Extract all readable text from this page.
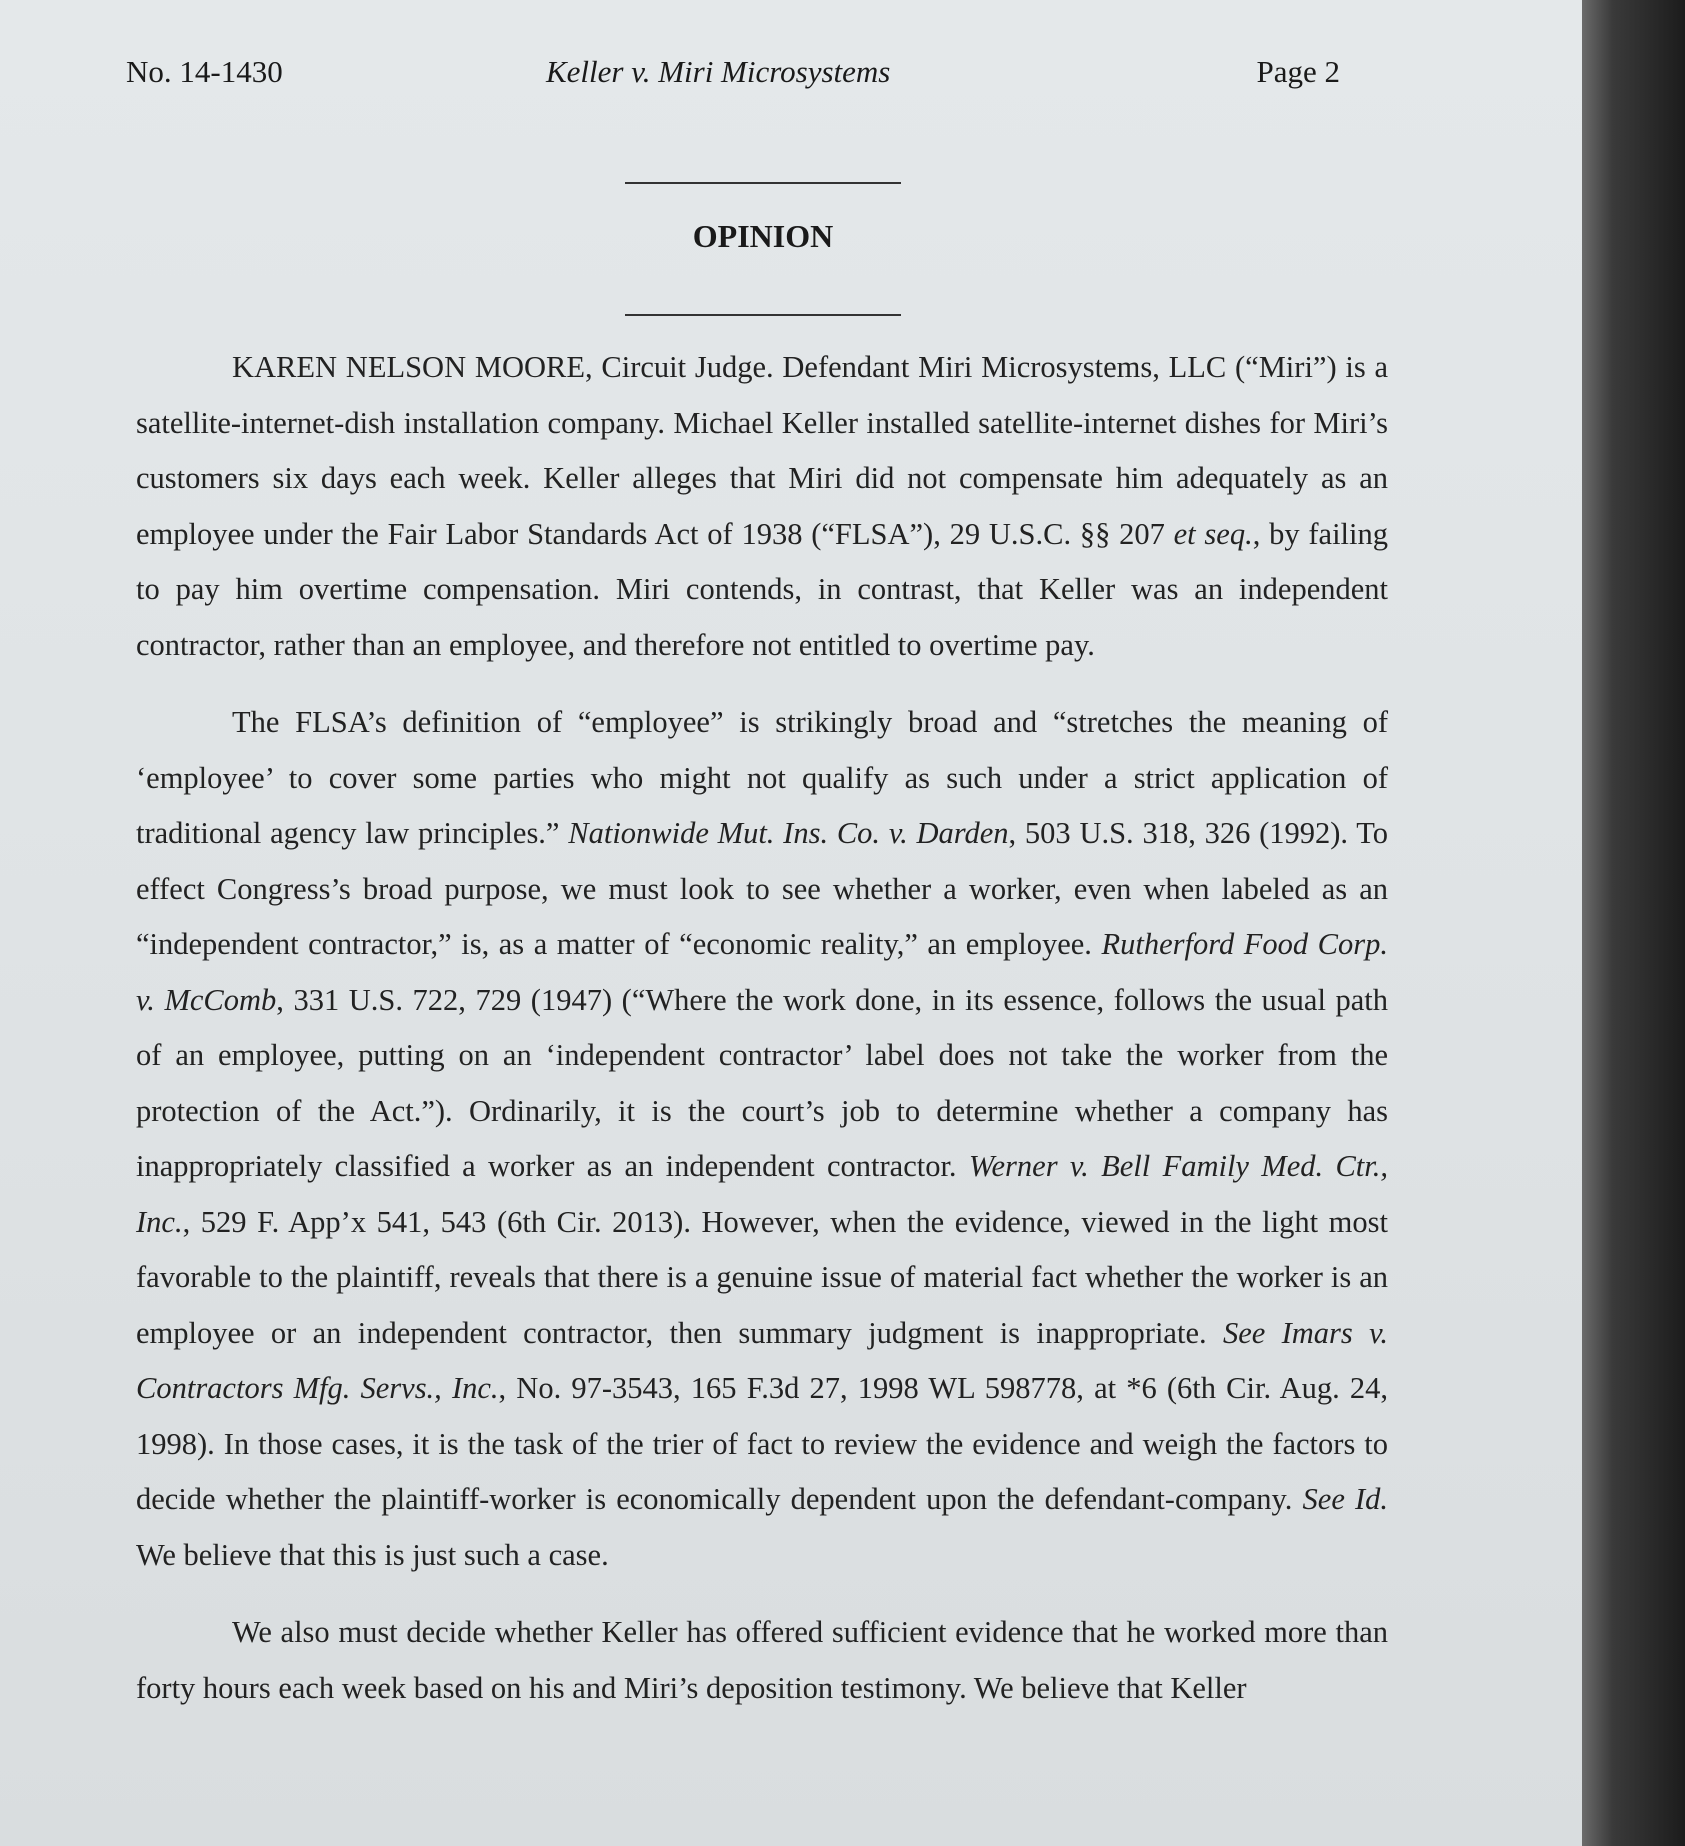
No. 14-1430	Keller v. Miri Microsystems	Page 2
OPINION

KAREN NELSON MOORE, Circuit Judge. Defendant Miri Microsystems, LLC (“Miri”) is a satellite-internet-dish installation company. Michael Keller installed satellite-internet dishes for Miri’s customers six days each week. Keller alleges that Miri did not compensate him adequately as an employee under the Fair Labor Standards Act of 1938 (“FLSA”), 29 U.S.C. §§ 207 et seq., by failing to pay him overtime compensation. Miri contends, in contrast, that Keller was an independent contractor, rather than an employee, and therefore not entitled to overtime pay.

The FLSA’s definition of “employee” is strikingly broad and “stretches the meaning of ‘employee’ to cover some parties who might not qualify as such under a strict application of traditional agency law principles.” Nationwide Mut. Ins. Co. v. Darden, 503 U.S. 318, 326 (1992). To effect Congress’s broad purpose, we must look to see whether a worker, even when labeled as an “independent contractor,” is, as a matter of “economic reality,” an employee. Rutherford Food Corp. v. McComb, 331 U.S. 722, 729 (1947) (“Where the work done, in its essence, follows the usual path of an employee, putting on an ‘independent contractor’ label does not take the worker from the protection of the Act.”). Ordinarily, it is the court’s job to determine whether a company has inappropriately classified a worker as an independent contractor. Werner v. Bell Family Med. Ctr., Inc., 529 F. App’x 541, 543 (6th Cir. 2013). However, when the evidence, viewed in the light most favorable to the plaintiff, reveals that there is a genuine issue of material fact whether the worker is an employee or an independent contractor, then summary judgment is inappropriate. See Imars v. Contractors Mfg. Servs., Inc., No. 97-3543, 165 F.3d 27, 1998 WL 598778, at *6 (6th Cir. Aug. 24, 1998). In those cases, it is the task of the trier of fact to review the evidence and weigh the factors to decide whether the plaintiff-worker is economically dependent upon the defendant-company. See Id. We believe that this is just such a case.

We also must decide whether Keller has offered sufficient evidence that he worked more than forty hours each week based on his and Miri’s deposition testimony. We believe that Keller
